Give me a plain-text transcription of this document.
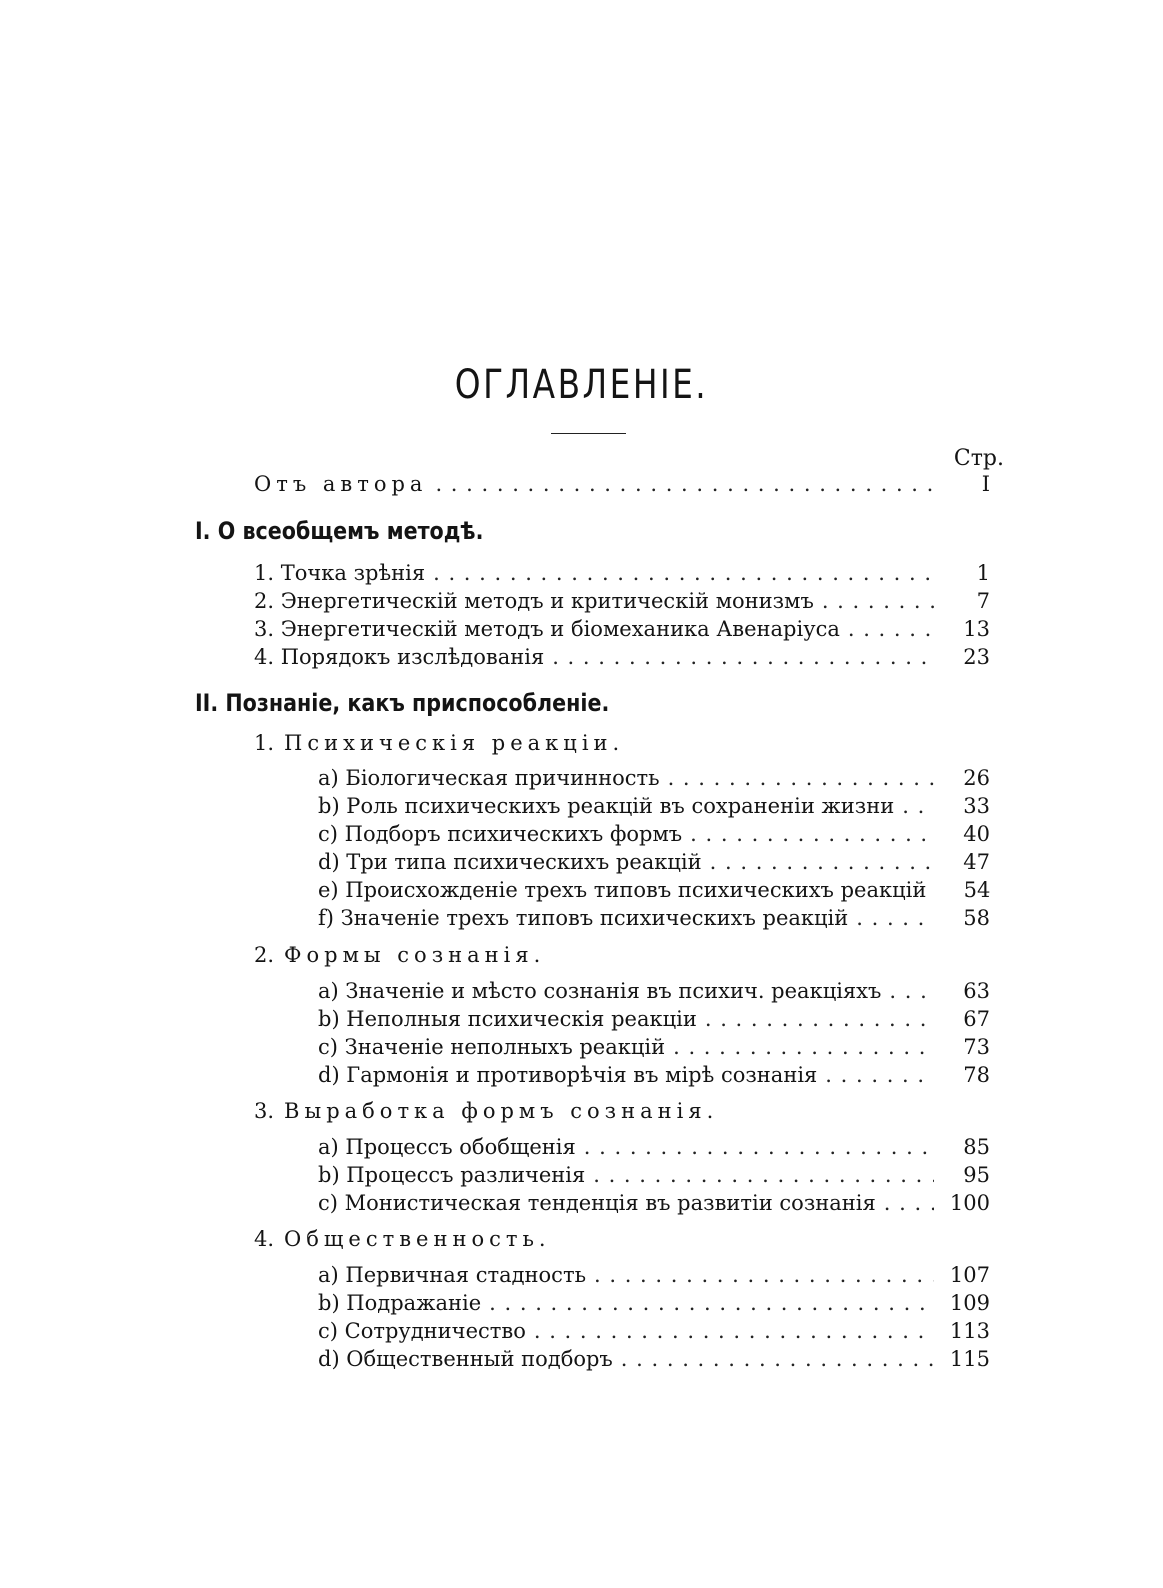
ОГЛАВЛЕНІЕ.
Стр.
Отъ автора . . .	I
I. О всеобщемъ методѣ.
1. Точка зрѣнія . . .	1
2. Энергетическій методъ и критическій монизмъ . . .	7
3. Энергетическій методъ и біомеханика Авенаріуса . . .	13
4. Порядокъ изслѣдованія . . .	23
II. Познаніе, какъ приспособленіе.
1. Психическія реакціи.
a) Біологическая причинность . . .	26
b) Роль психическихъ реакцій въ сохраненіи жизни . . .	33
c) Подборъ психическихъ формъ . . .	40
d) Три типа психическихъ реакцій . . .	47
e) Происхожденіе трехъ типовъ психическихъ реакцій	54
f) Значеніе трехъ типовъ психическихъ реакцій . . .	58
2. Формы сознанія.
a) Значеніе и мѣсто сознанія въ психич. реакціяхъ . . .	63
b) Неполныя психическія реакціи . . .	67
c) Значеніе неполныхъ реакцій . . .	73
d) Гармонія и противорѣчія въ мірѣ сознанія . . .	78
3. Выработка формъ сознанія.
a) Процессъ обобщенія . . .	85
b) Процессъ различенія . . .	95
c) Монистическая тенденція въ развитіи сознанія . . .	100
4. Общественность.
a) Первичная стадность . . .	107
b) Подражаніе . . .	109
c) Сотрудничество . . .	113
d) Общественный подборъ . . .	115
